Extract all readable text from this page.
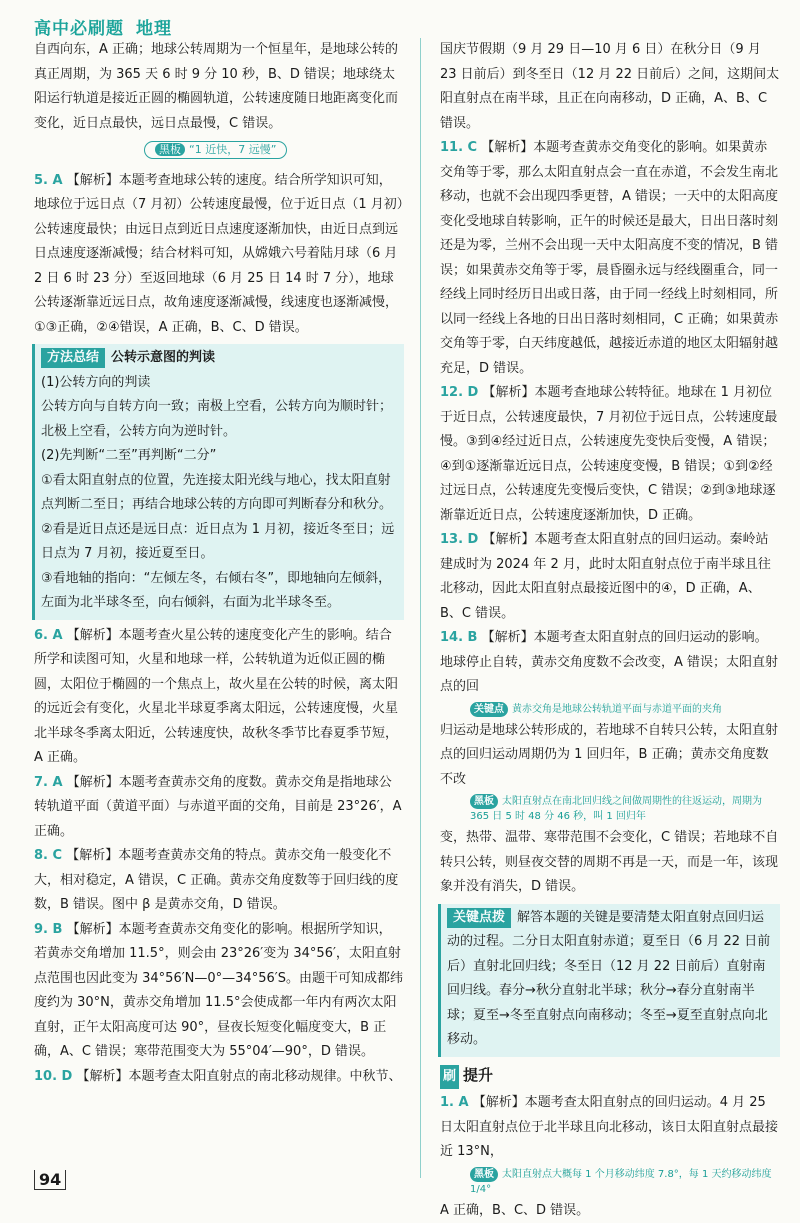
高中必刷题 地理

自西向东，A 正确；地球公转周期为一个恒星年，是地球公转的真正周期，为 365 天 6 时 9 分 10 秒，B、D 错误；地球绕太阳运行轨道是接近正圆的椭圆轨道，公转速度随日地距离变化而变化，近日点最快，远日点最慢，C 错误。

黑板 “1 近快，7 远慢”

5. A 【解析】本题考查地球公转的速度。结合所学知识可知，地球位于远日点（7 月初）公转速度最慢，位于近日点（1 月初）公转速度最快；由远日点到近日点速度逐渐加快，由近日点到远日点速度逐渐减慢；结合材料可知，从嫦娥六号着陆月球（6 月 2 日 6 时 23 分）至返回地球（6 月 25 日 14 时 7 分），地球公转逐渐靠近远日点，故角速度逐渐减慢，线速度也逐渐减慢，①③正确，②④错误，A 正确，B、C、D 错误。

方法总结 公转示意图的判读

(1)公转方向的判读

公转方向与自转方向一致；南极上空看，公转方向为顺时针；北极上空看，公转方向为逆时针。

(2)先判断“二至”再判断“二分”

①看太阳直射点的位置，先连接太阳光线与地心，找太阳直射点判断二至日；再结合地球公转的方向即可判断春分和秋分。

②看是近日点还是远日点：近日点为 1 月初，接近冬至日；远日点为 7 月初，接近夏至日。

③看地轴的指向：“左倾左冬，右倾右冬”，即地轴向左倾斜，左面为北半球冬至，向右倾斜，右面为北半球冬至。

6. A 【解析】本题考查火星公转的速度变化产生的影响。结合所学和读图可知，火星和地球一样，公转轨道为近似正圆的椭圆，太阳位于椭圆的一个焦点上，故火星在公转的时候，离太阳的远近会有变化，火星北半球夏季离太阳远，公转速度慢，火星北半球冬季离太阳近，公转速度快，故秋冬季节比春夏季节短，A 正确。

7. A 【解析】本题考查黄赤交角的度数。黄赤交角是指地球公转轨道平面（黄道平面）与赤道平面的交角，目前是 23°26′，A 正确。

8. C 【解析】本题考查黄赤交角的特点。黄赤交角一般变化不大，相对稳定，A 错误，C 正确。黄赤交角度数等于回归线的度数，B 错误。图中 β 是黄赤交角，D 错误。

9. B 【解析】本题考查黄赤交角变化的影响。根据所学知识，若黄赤交角增加 11.5°，则会由 23°26′变为 34°56′，太阳直射点范围也因此变为 34°56′N—0°—34°56′S。由题干可知成都纬度约为 30°N，黄赤交角增加 11.5°会使成都一年内有两次太阳直射，正午太阳高度可达 90°，昼夜长短变化幅度变大，B 正确，A、C 错误；寒带范围变大为 55°04′—90°，D 错误。

10. D 【解析】本题考查太阳直射点的南北移动规律。中秋节、

国庆节假期（9 月 29 日—10 月 6 日）在秋分日（9 月 23 日前后）到冬至日（12 月 22 日前后）之间，这期间太阳直射点在南半球，且正在向南移动，D 正确，A、B、C 错误。

11. C 【解析】本题考查黄赤交角变化的影响。如果黄赤交角等于零，那么太阳直射点会一直在赤道，不会发生南北移动，也就不会出现四季更替，A 错误；一天中的太阳高度变化受地球自转影响，正午的时候还是最大，日出日落时刻还是为零，兰州不会出现一天中太阳高度不变的情况，B 错误；如果黄赤交角等于零，晨昏圈永远与经线圈重合，同一经线上同时经历日出或日落，由于同一经线上时刻相同，所以同一经线上各地的日出日落时刻相同，C 正确；如果黄赤交角等于零，白天纬度越低，越接近赤道的地区太阳辐射越充足，D 错误。

12. D 【解析】本题考查地球公转特征。地球在 1 月初位于近日点，公转速度最快，7 月初位于远日点，公转速度最慢。③到④经过近日点，公转速度先变快后变慢，A 错误；④到①逐渐靠近远日点，公转速度变慢，B 错误；①到②经过远日点，公转速度先变慢后变快，C 错误；②到③地球逐渐靠近近日点，公转速度逐渐加快，D 正确。

13. D 【解析】本题考查太阳直射点的回归运动。秦岭站建成时为 2024 年 2 月，此时太阳直射点位于南半球且往北移动，因此太阳直射点最接近图中的④，D 正确，A、B、C 错误。

14. B 【解析】本题考查太阳直射点的回归运动的影响。地球停止自转，黄赤交角度数不会改变，A 错误；太阳直射点的回

关键点 黄赤交角是地球公转轨道平面与赤道平面的夹角

归运动是地球公转形成的，若地球不自转只公转，太阳直射点的回归运动周期仍为 1 回归年，B 正确；黄赤交角度数不改

黑板 太阳直射点在南北回归线之间做周期性的往返运动，周期为 365 日 5 时 48 分 46 秒，叫 1 回归年

变，热带、温带、寒带范围不会变化，C 错误；若地球不自转只公转，则昼夜交替的周期不再是一天，而是一年，该现象并没有消失，D 错误。

关键点拨 解答本题的关键是要清楚太阳直射点回归运动的过程。二分日太阳直射赤道；夏至日（6 月 22 日前后）直射北回归线；冬至日（12 月 22 日前后）直射南回归线。春分→秋分直射北半球；秋分→春分直射南半球；夏至→冬至直射点向南移动；冬至→夏至直射点向北移动。
刷 提升

1. A 【解析】本题考查太阳直射点的回归运动。4 月 25 日太阳直射点位于北半球且向北移动，该日太阳直射点最接近 13°N，

黑板 太阳直射点大概每 1 个月移动纬度 7.8°，每 1 天约移动纬度 1/4°

A 正确，B、C、D 错误。

94
